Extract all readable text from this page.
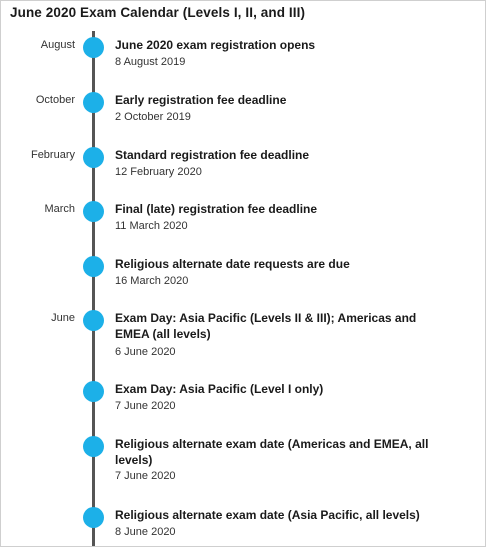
June 2020 Exam Calendar (Levels I, II, and III)
August	June 2020 exam registration opens
8 August 2019
October	Early registration fee deadline
2 October 2019
February	Standard registration fee deadline
12 February 2020
March	Final (late) registration fee deadline
11 March 2020
Religious alternate date requests are due
16 March 2020
June	Exam Day: Asia Pacific (Levels II & III); Americas and EMEA (all levels)
6 June 2020
Exam Day: Asia Pacific (Level I only)
7 June 2020
Religious alternate exam date (Americas and EMEA, all levels)
7 June 2020
Religious alternate exam date (Asia Pacific, all levels)
8 June 2020
